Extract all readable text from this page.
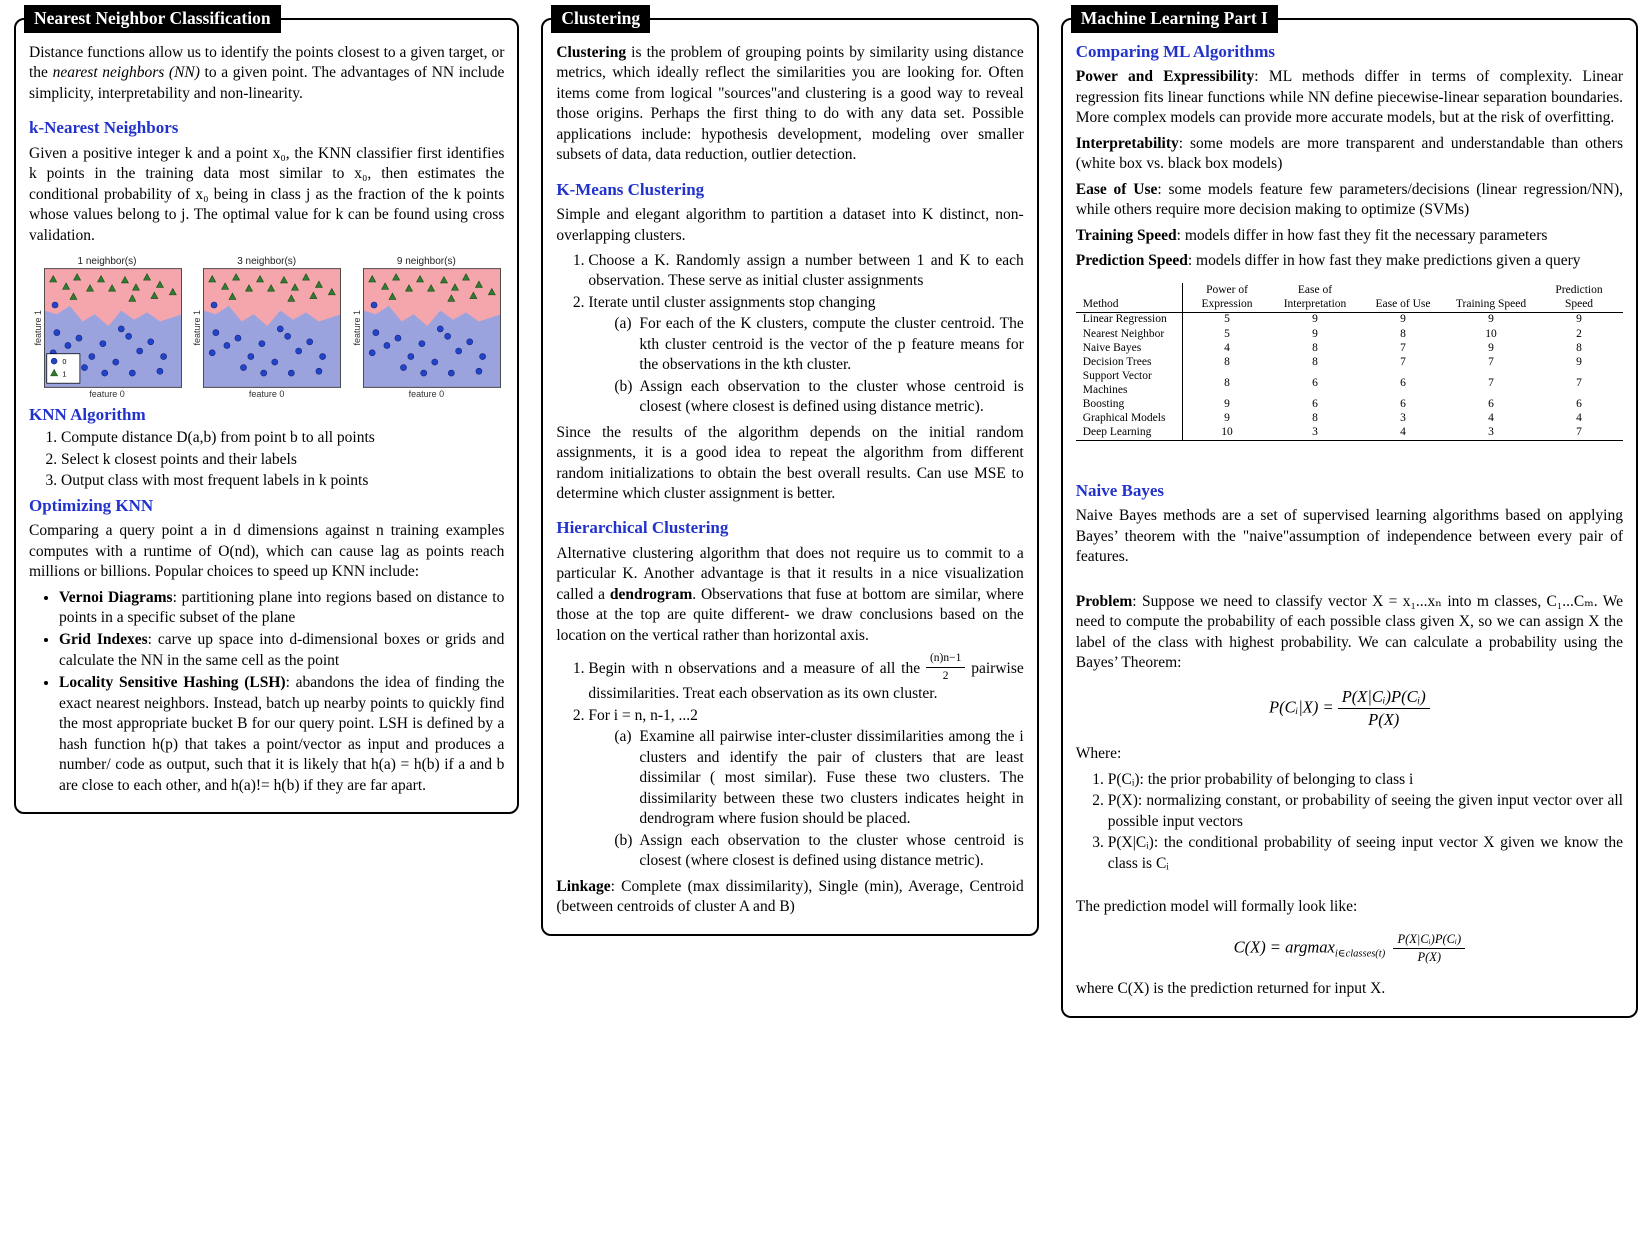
Nearest Neighbor Classification

Distance functions allow us to identify the points closest to a given target, or the nearest neighbors (NN) to a given point. The advantages of NN include simplicity, interpretability and non-linearity.

k-Nearest Neighbors

Given a positive integer k and a point x₀, the KNN classifier first identifies k points in the training data most similar to x₀, then estimates the conditional probability of x₀ being in class j as the fraction of the k points whose values belong to j. The optimal value for k can be found using cross validation.

1 neighbor(s)
feature 1
feature 0
3 neighbor(s)
feature 1
feature 0
9 neighbor(s)
feature 1
feature 0
KNN Algorithm
1. Compute distance D(a,b) from point b to all points
2. Select k closest points and their labels
3. Output class with most frequent labels in k points
Optimizing KNN

Comparing a query point a in d dimensions against n training examples computes with a runtime of O(nd), which can cause lag as points reach millions or billions. Popular choices to speed up KNN include:

• Vernoi Diagrams: partitioning plane into regions based on distance to points in a specific subset of the plane
• Grid Indexes: carve up space into d-dimensional boxes or grids and calculate the NN in the same cell as the point
• Locality Sensitive Hashing (LSH): abandons the idea of finding the exact nearest neighbors. Instead, batch up nearby points to quickly find the most appropriate bucket B for our query point. LSH is defined by a hash function h(p) that takes a point/vector as input and produces a number/ code as output, such that it is likely that h(a) = h(b) if a and b are close to each other, and h(a)!= h(b) if they are far apart.
Clustering

Clustering is the problem of grouping points by similarity using distance metrics, which ideally reflect the similarities you are looking for. Often items come from logical "sources"and clustering is a good way to reveal those origins. Perhaps the first thing to do with any data set. Possible applications include: hypothesis development, modeling over smaller subsets of data, data reduction, outlier detection.

K-Means Clustering

Simple and elegant algorithm to partition a dataset into K distinct, non-overlapping clusters.

1. Choose a K. Randomly assign a number between 1 and K to each observation. These serve as initial cluster assignments
2. Iterate until cluster assignments stop changing
For each of the K clusters, compute the cluster centroid. The kth cluster centroid is the vector of the p feature means for the observations in the kth cluster.
Assign each observation to the cluster whose centroid is closest (where closest is defined using distance metric).

Since the results of the algorithm depends on the initial random assignments, it is a good idea to repeat the algorithm from different random initializations to obtain the best overall results. Can use MSE to determine which cluster assignment is better.

Hierarchical Clustering

Alternative clustering algorithm that does not require us to commit to a particular K. Another advantage is that it results in a nice visualization called a dendrogram. Observations that fuse at bottom are similar, where those at the top are quite different- we draw conclusions based on the location on the vertical rather than horizontal axis.

1. Begin with n observations and a measure of all the $\frac{(n)n-1}{2}$ pairwise dissimilarities. Treat each observation as its own cluster.
2. For i = n, n-1, ...2
Examine all pairwise inter-cluster dissimilarities among the i clusters and identify the pair of clusters that are least dissimilar ( most similar). Fuse these two clusters. The dissimilarity between these two clusters indicates height in dendrogram where fusion should be placed.
Assign each observation to the cluster whose centroid is closest (where closest is defined using distance metric).

Linkage: Complete (max dissimilarity), Single (min), Average, Centroid (between centroids of cluster A and B)

Machine Learning Part I
Comparing ML Algorithms

Power and Expressibility: ML methods differ in terms of complexity. Linear regression fits linear functions while NN define piecewise-linear separation boundaries. More complex models can provide more accurate models, but at the risk of overfitting.

Interpretability: some models are more transparent and understandable than others (white box vs. black box models)

Ease of Use: some models feature few parameters/decisions (linear regression/NN), while others require more decision making to optimize (SVMs)

Training Speed: models differ in how fast they fit the necessary parameters

Prediction Speed: models differ in how fast they make predictions given a query

Method	Power of Expression	Ease of Interpretation	Ease of Use	Training Speed	Prediction Speed
Linear Regression	5	9	9	9	9
Nearest Neighbor	5	9	8	10	2
Naive Bayes	4	8	7	9	8
Decision Trees	8	8	7	7	9
Support Vector Machines	8	6	6	7	7
Boosting	9	6	6	6	6
Graphical Models	9	8	3	4	4
Deep Learning	10	3	4	3	7
Naive Bayes

Naive Bayes methods are a set of supervised learning algorithms based on applying Bayes’ theorem with the "naive"assumption of independence between every pair of features.

Problem: Suppose we need to classify vector X = x₁...xₙ into m classes, C₁...Cₘ. We need to compute the probability of each possible class given X, so we can assign X the label of the class with highest probability. We can calculate a probability using the Bayes’ Theorem:

P(Cᵢ|X) = $\frac{\text{P(X|Cᵢ)P(Cᵢ)}}{P(X)}$

Where:

1. P(Cᵢ): the prior probability of belonging to class i
2. P(X): normalizing constant, or probability of seeing the given input vector over all possible input vectors
3. P(X|Cᵢ): the conditional probability of seeing input vector X given we know the class is Cᵢ

The prediction model will formally look like:

$C(X) = argmax_{i\in classes(t)} \frac{\text{P(X|Cᵢ)P(Cᵢ)}}{P(X)}$

where C(X) is the prediction returned for input X.
